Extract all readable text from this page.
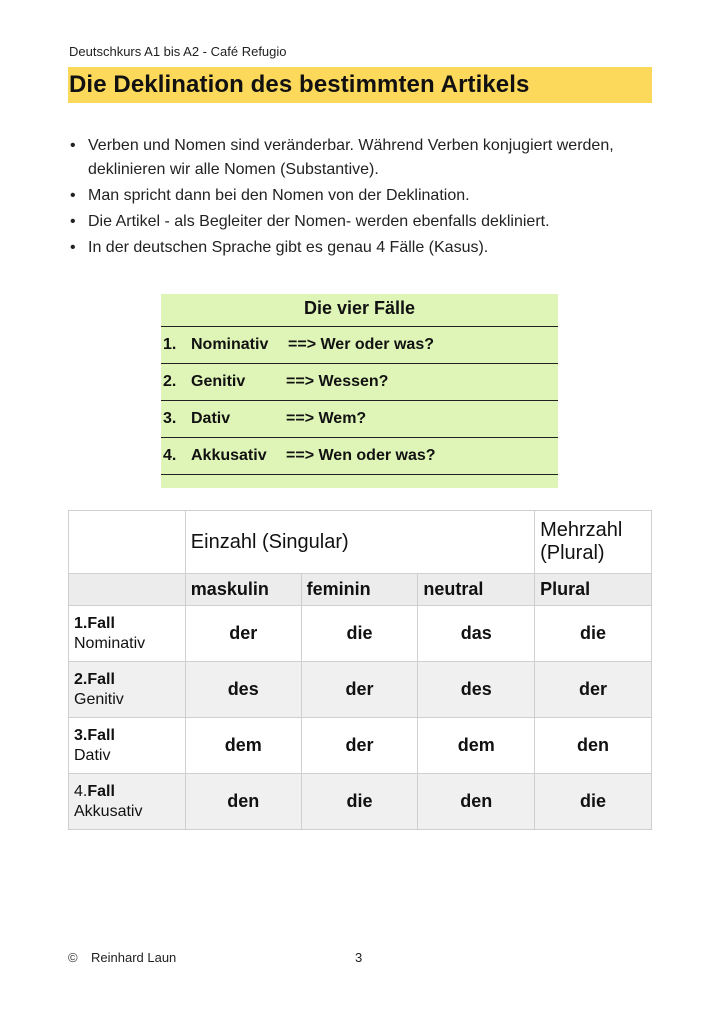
Deutschkurs A1 bis A2 - Café Refugio
Die Deklination des bestimmten Artikels
• Verben und Nomen sind veränderbar. Während Verben konjugiert werden, deklinieren wir alle Nomen (Substantive).
• Man spricht dann bei den Nomen von der Deklination.
• Die Artikel - als Begleiter der Nomen- werden ebenfalls dekliniert.
• In der deutschen Sprache gibt es genau 4 Fälle (Kasus).
Die vier Fälle
1. Nominativ ==> Wer oder was?
2. Genitiv	==> Wessen?
3. Dativ	==> Wem?
4. Akkusativ ==> Wen oder was?
	Einzahl (Singular)			Mehrzahl (Plural)
	maskulin	feminin	neutral	Plural

1.Fall
Nominativ	der	die	das	die

2.Fall
Genitiv	des	der	des	der

3.Fall
Dativ	dem	der	dem	den

4.Fall
Akkusativ	den	die	den	die
© Reinhard Laun	3
